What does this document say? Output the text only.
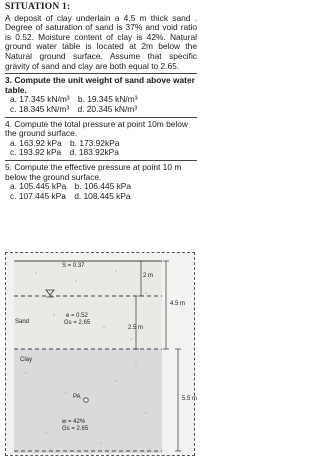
SITUATION 1:

A deposit of clay underlain a 4.5 m thick sand . Degree of saturation of sand is 37% and void ratio is 0.52. Moisture content of clay is 42%. Natural ground water table is located at 2m below the Natural ground surface. Assume that specific gravity of sand and clay are both equal to 2.65.

3. Compute the unit weight of sand above water table.

a. 17.345 kN/m³ b. 19.345 kN/m³
c. 18.345 kN/m³ d. 20.345 kN/m³

4. Compute the total pressure at point 10m below the ground surface.

a. 163.92 kPa b. 173.92kPa
c. 193.92 kPa d. 183.92kPa

5. Compute the effective pressure at point 10 m below the ground surface.

a. 105.445 kPa b. 106.445 kPa
c. 107.445 kPa d. 108.445 kPa
S = 0.37
2 m
Sand
e = 0.52
Gs = 2.65
4.5 m
2.5 m
Clay
5.5 m
PA
w = 42%
Gs = 2.65
